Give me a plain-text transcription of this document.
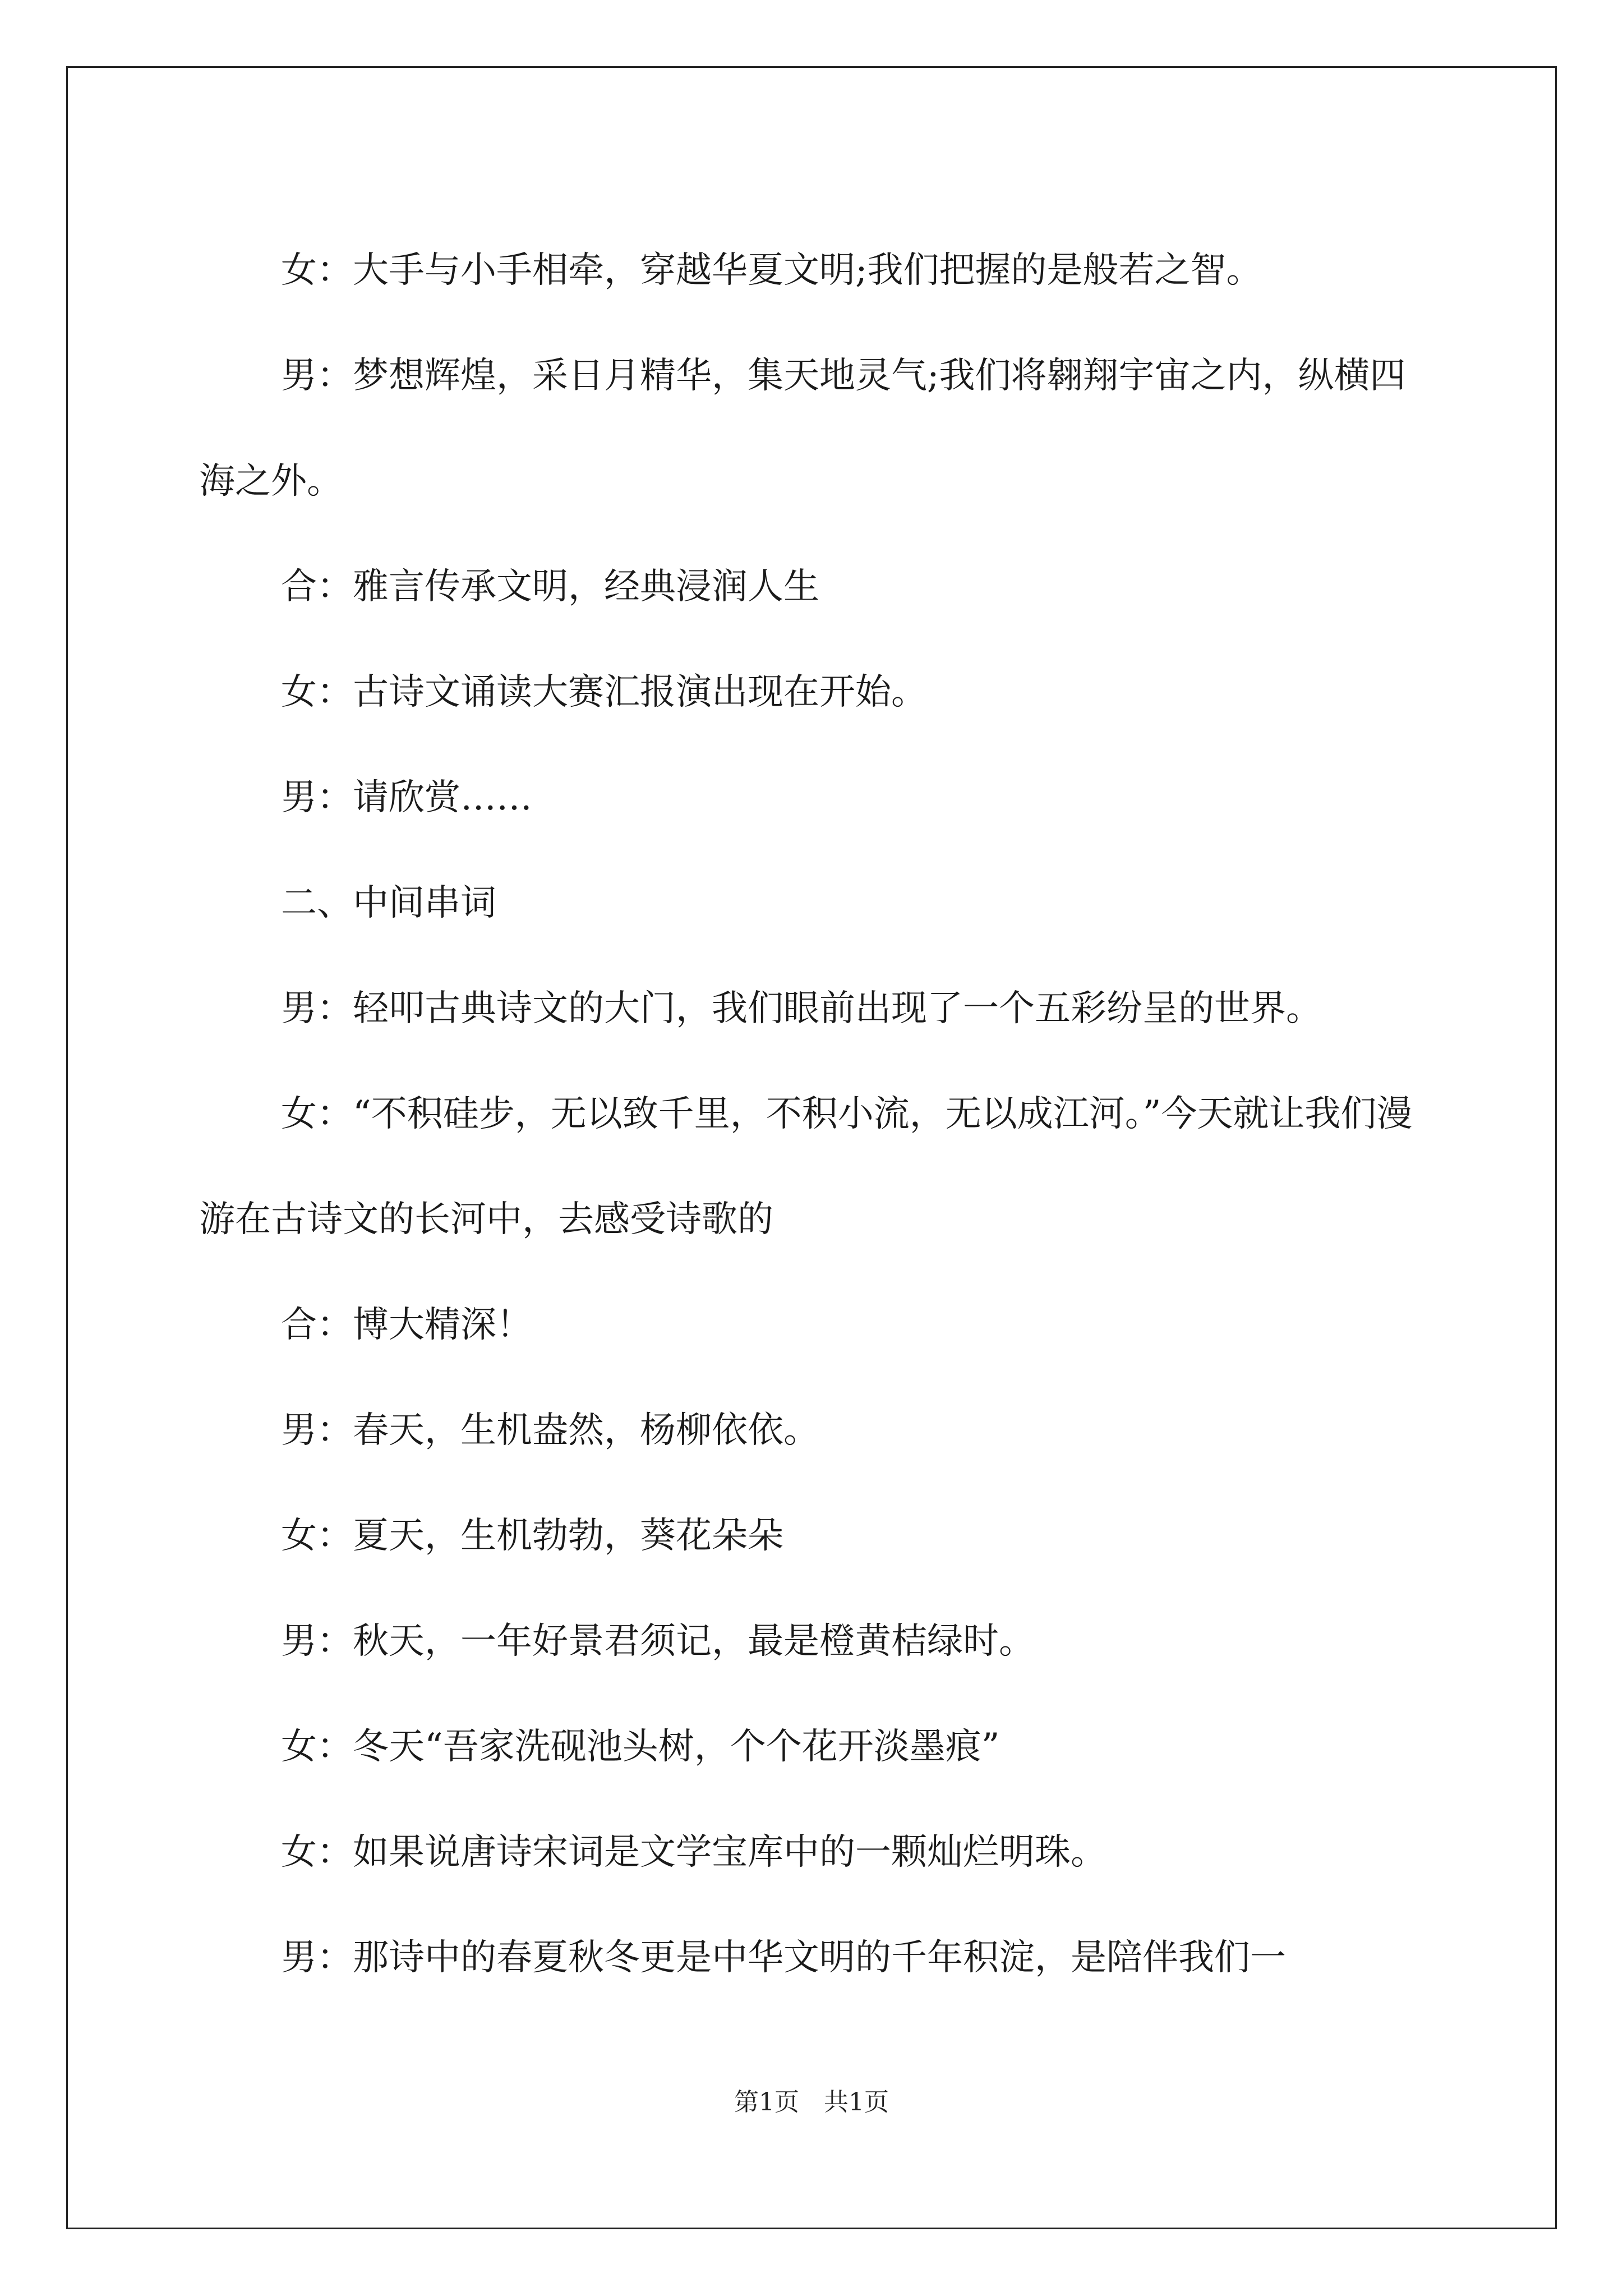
女：大手与小手相牵，穿越华夏文明;我们把握的是般若之智。

男：梦想辉煌，采日月精华，集天地灵气;我们将翱翔宇宙之内，纵横四海之外。

合：雅言传承文明，经典浸润人生

女：古诗文诵读大赛汇报演出现在开始。

男：请欣赏……

二、中间串词

男：轻叩古典诗文的大门，我们眼前出现了一个五彩纷呈的世界。

女：“不积硅步，无以致千里，不积小流，无以成江河。”今天就让我们漫游在古诗文的长河中，去感受诗歌的

合：博大精深！

男：春天，生机盎然，杨柳依依。

女：夏天，生机勃勃，葵花朵朵

男：秋天，一年好景君须记，最是橙黄桔绿时。

女：冬天“吾家洗砚池头树，个个花开淡墨痕”

女：如果说唐诗宋词是文学宝库中的一颗灿烂明珠。

男：那诗中的春夏秋冬更是中华文明的千年积淀，是陪伴我们一

第1页　共1页
